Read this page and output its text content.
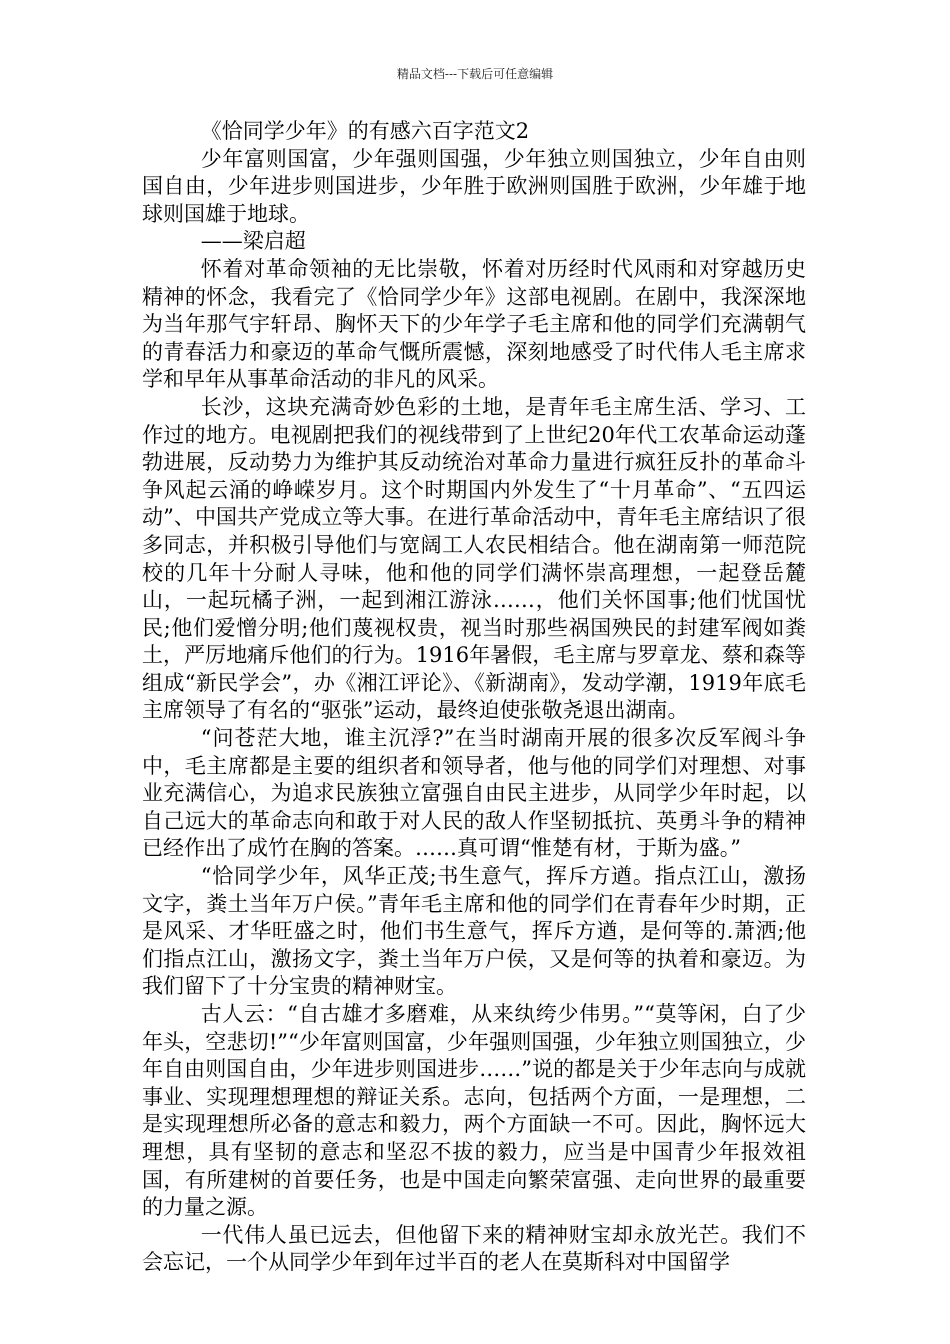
精品文档---下载后可任意编辑

《恰同学少年》的有感六百字范文2

少年富则国富，少年强则国强，少年独立则国独立，少年自由则国自由，少年进步则国进步，少年胜于欧洲则国胜于欧洲，少年雄于地球则国雄于地球。

——梁启超

怀着对革命领袖的无比崇敬，怀着对历经时代风雨和对穿越历史精神的怀念，我看完了《恰同学少年》这部电视剧。在剧中，我深深地为当年那气宇轩昂、胸怀天下的少年学子毛主席和他的同学们充满朝气的青春活力和豪迈的革命气慨所震憾，深刻地感受了时代伟人毛主席求学和早年从事革命活动的非凡的风采。

长沙，这块充满奇妙色彩的土地，是青年毛主席生活、学习、工作过的地方。电视剧把我们的视线带到了上世纪20年代工农革命运动蓬勃进展，反动势力为维护其反动统治对革命力量进行疯狂反扑的革命斗争风起云涌的峥嵘岁月。这个时期国内外发生了“十月革命”、“五四运动”、中国共产党成立等大事。在进行革命活动中，青年毛主席结识了很多同志，并积极引导他们与宽阔工人农民相结合。他在湖南第一师范院校的几年十分耐人寻味，他和他的同学们满怀崇高理想，一起登岳麓山，一起玩橘子洲，一起到湘江游泳……，他们关怀国事;他们忧国忧民;他们爱憎分明;他们蔑视权贵，视当时那些祸国殃民的封建军阀如粪土，严厉地痛斥他们的行为。1916年暑假，毛主席与罗章龙、蔡和森等组成“新民学会”，办《湘江评论》、《新湖南》，发动学潮，1919年底毛主席领导了有名的“驱张”运动，最终迫使张敬尧退出湖南。

“问苍茫大地，谁主沉浮?”在当时湖南开展的很多次反军阀斗争中，毛主席都是主要的组织者和领导者，他与他的同学们对理想、对事业充满信心，为追求民族独立富强自由民主进步，从同学少年时起，以自己远大的革命志向和敢于对人民的敌人作坚韧抵抗、英勇斗争的精神已经作出了成竹在胸的答案。……真可谓“惟楚有材，于斯为盛。”

“恰同学少年，风华正茂;书生意气，挥斥方遒。指点江山，激扬文字，粪土当年万户侯。”青年毛主席和他的同学们在青春年少时期，正是风采、才华旺盛之时，他们书生意气，挥斥方遒，是何等的.萧洒;他们指点江山，激扬文字，粪土当年万户侯，又是何等的执着和豪迈。为我们留下了十分宝贵的精神财宝。

古人云：“自古雄才多磨难，从来纨绔少伟男。”“莫等闲，白了少年头，空悲切!”“少年富则国富，少年强则国强，少年独立则国独立，少年自由则国自由，少年进步则国进步……”说的都是关于少年志向与成就事业、实现理想理想的辩证关系。志向，包括两个方面，一是理想，二是实现理想所必备的意志和毅力，两个方面缺一不可。因此，胸怀远大理想，具有坚韧的意志和坚忍不拔的毅力，应当是中国青少年报效祖国，有所建树的首要任务，也是中国走向繁荣富强、走向世界的最重要的力量之源。

一代伟人虽已远去，但他留下来的精神财宝却永放光芒。我们不会忘记，一个从同学少年到年过半百的老人在莫斯科对中国留学
